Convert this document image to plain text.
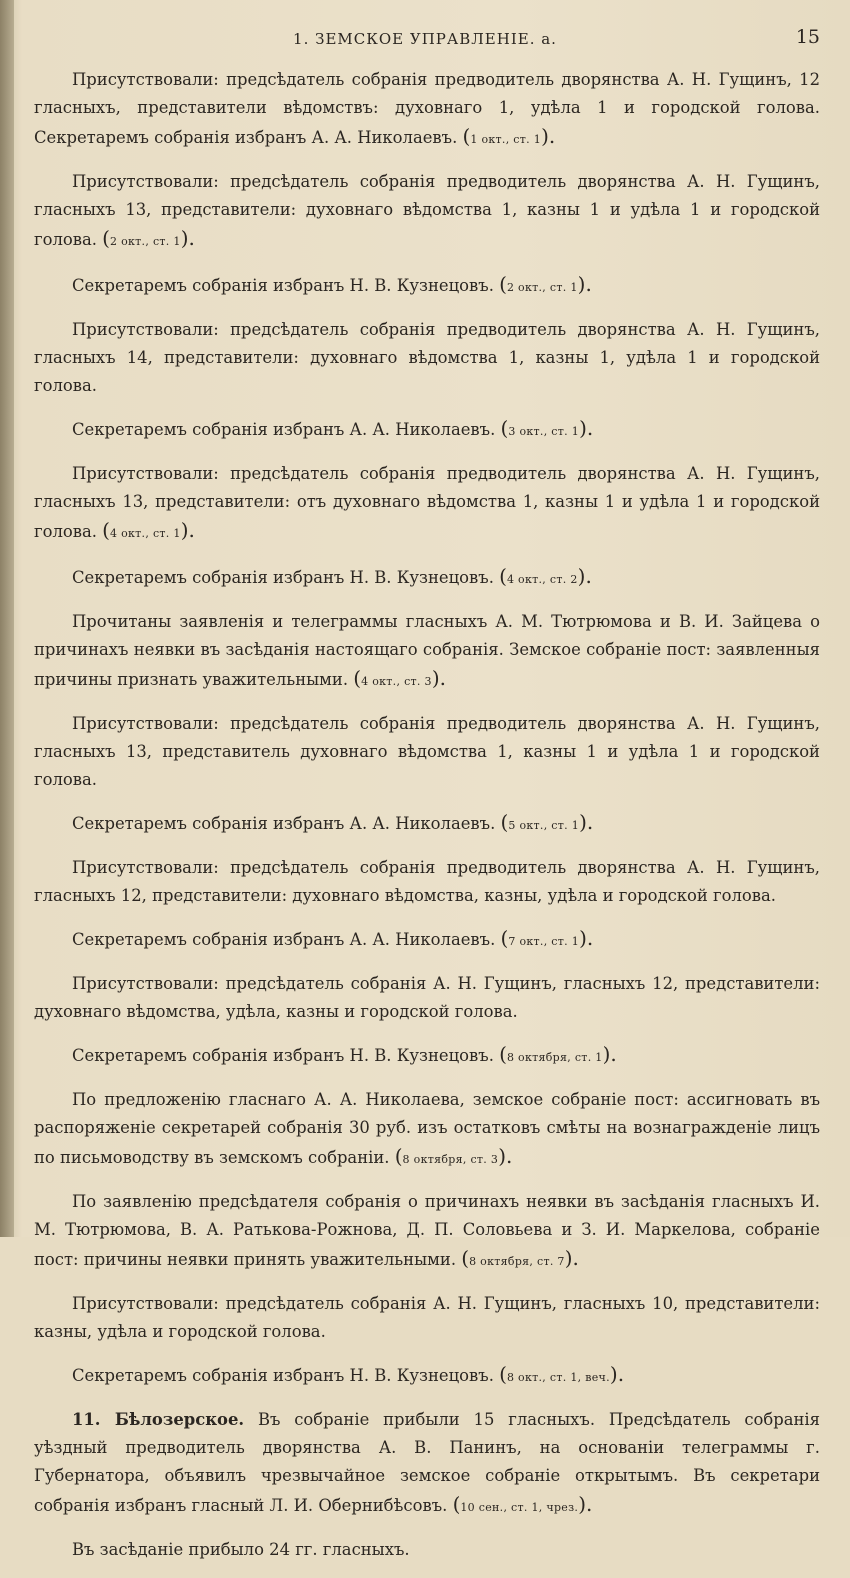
1. ЗЕМСКОЕ УПРАВЛЕНІЕ. а.	15

Присутствовали: предсѣдатель собранія предводитель дворянства А. Н. Гущинъ, 12 гласныхъ, представители вѣдомствъ: духовнаго 1, удѣла 1 и городской голова. Секретаремъ собранія избранъ А. А. Николаевъ. (1 окт., ст. 1).

Присутствовали: предсѣдатель собранія предводитель дворянства А. Н. Гущинъ, гласныхъ 13, представители: духовнаго вѣдомства 1, казны 1 и удѣла 1 и городской голова. (2 окт., ст. 1).

Секретаремъ собранія избранъ Н. В. Кузнецовъ. (2 окт., ст. 1).

Присутствовали: предсѣдатель собранія предводитель дворянства А. Н. Гущинъ, гласныхъ 14, представители: духовнаго вѣдомства 1, казны 1, удѣла 1 и городской голова.

Секретаремъ собранія избранъ А. А. Николаевъ. (3 окт., ст. 1).

Присутствовали: предсѣдатель собранія предводитель дворянства А. Н. Гущинъ, гласныхъ 13, представители: отъ духовнаго вѣдомства 1, казны 1 и удѣла 1 и городской голова. (4 окт., ст. 1).

Секретаремъ собранія избранъ Н. В. Кузнецовъ. (4 окт., ст. 2).

Прочитаны заявленія и телеграммы гласныхъ А. М. Тютрюмова и В. И. Зайцева о причинахъ неявки въ засѣданія настоящаго собранія. Земское собраніе пост: заявленныя причины признать уважительными. (4 окт., ст. 3).

Присутствовали: предсѣдатель собранія предводитель дворянства А. Н. Гущинъ, гласныхъ 13, представитель духовнаго вѣдомства 1, казны 1 и удѣла 1 и городской голова.

Секретаремъ собранія избранъ А. А. Николаевъ. (5 окт., ст. 1).

Присутствовали: предсѣдатель собранія предводитель дворянства А. Н. Гущинъ, гласныхъ 12, представители: духовнаго вѣдомства, казны, удѣла и городской голова.

Секретаремъ собранія избранъ А. А. Николаевъ. (7 окт., ст. 1).

Присутствовали: предсѣдатель собранія А. Н. Гущинъ, гласныхъ 12, представители: духовнаго вѣдомства, удѣла, казны и городской голова.

Секретаремъ собранія избранъ Н. В. Кузнецовъ. (8 октября, ст. 1).

По предложенію гласнаго А. А. Николаева, земское собраніе пост: ассигновать въ распоряженіе секретарей собранія 30 руб. изъ остатковъ смѣты на вознагражденіе лицъ по письмоводству въ земскомъ собраніи. (8 октября, ст. 3).

По заявленію предсѣдателя собранія о причинахъ неявки въ засѣданія гласныхъ И. М. Тютрюмова, В. А. Ратькова-Рожнова, Д. П. Соловьева и З. И. Маркелова, собраніе пост: причины неявки принять уважительными. (8 октября, ст. 7).

Присутствовали: предсѣдатель собранія А. Н. Гущинъ, гласныхъ 10, представители: казны, удѣла и городской голова.

Секретаремъ собранія избранъ Н. В. Кузнецовъ. (8 окт., ст. 1, веч.).

11. Бѣлозерское. Въ собраніе прибыли 15 гласныхъ. Предсѣдатель собранія уѣздный предводитель дворянства А. В. Панинъ, на основаніи телеграммы г. Губернатора, объявилъ чрезвычайное земское собраніе открытымъ. Въ секретари собранія избранъ гласный Л. И. Обернибѣсовъ. (10 сен., ст. 1, чрез.).

Въ засѣданіе прибыло 24 гг. гласныхъ.
